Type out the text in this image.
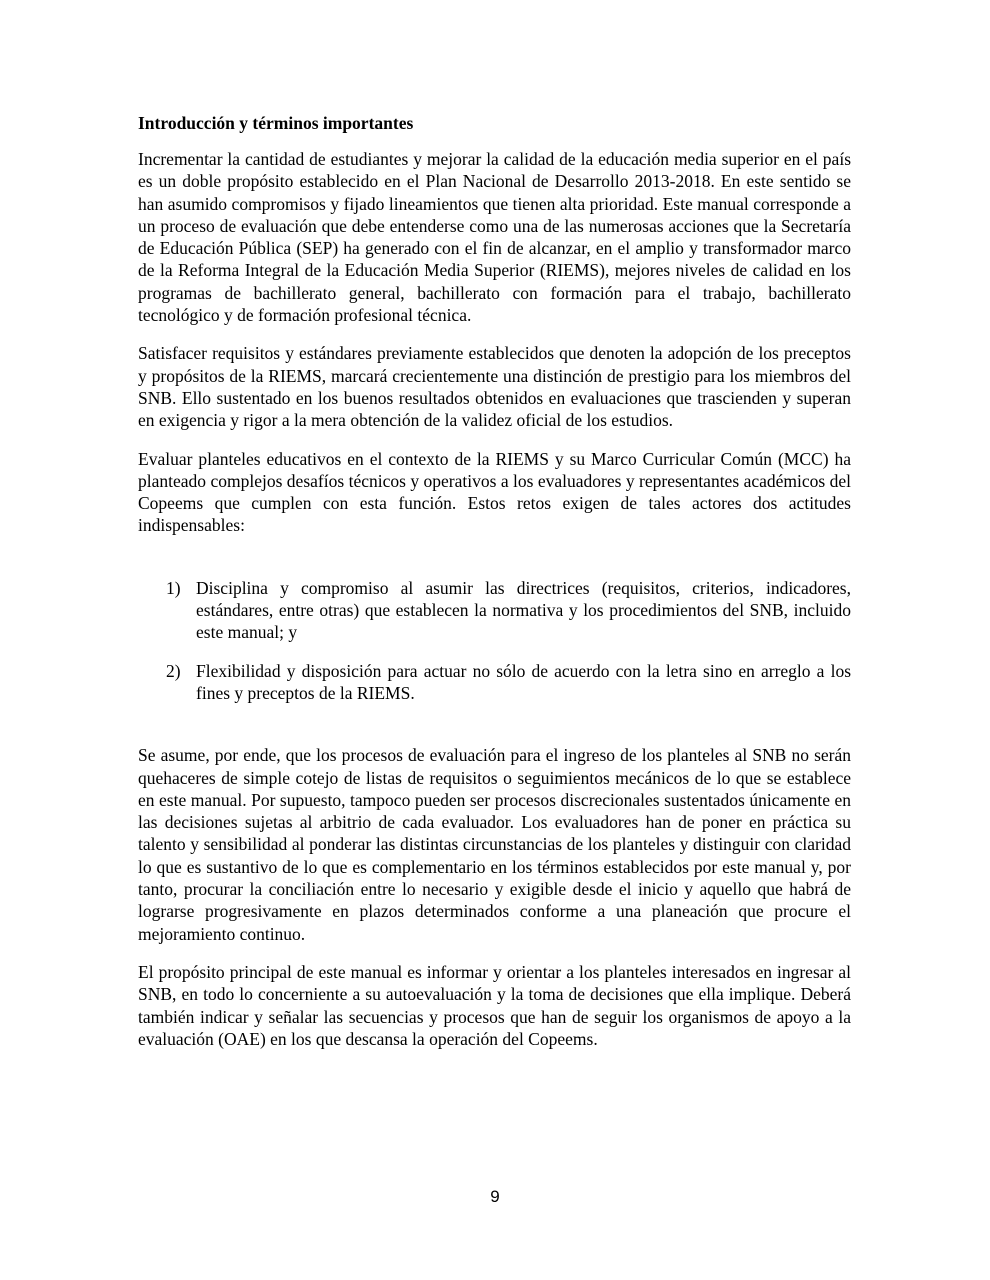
Introducción y términos importantes

Incrementar la cantidad de estudiantes y mejorar la calidad de la educación media superior en el país es un doble propósito establecido en el Plan Nacional de Desarrollo 2013-2018. En este sentido se han asumido compromisos y fijado lineamientos que tienen alta prioridad. Este manual corresponde a un proceso de evaluación que debe entenderse como una de las numerosas acciones que la Secretaría de Educación Pública (SEP) ha generado con el fin de alcanzar, en el amplio y transformador marco de la Reforma Integral de la Educación Media Superior (RIEMS), mejores niveles de calidad en los programas de bachillerato general, bachillerato con formación para el trabajo, bachillerato tecnológico y de formación profesional técnica.

Satisfacer requisitos y estándares previamente establecidos que denoten la adopción de los preceptos y propósitos de la RIEMS, marcará crecientemente una distinción de prestigio para los miembros del SNB. Ello sustentado en los buenos resultados obtenidos en evaluaciones que trascienden y superan en exigencia y rigor a la mera obtención de la validez oficial de los estudios.

Evaluar planteles educativos en el contexto de la RIEMS y su Marco Curricular Común (MCC) ha planteado complejos desafíos técnicos y operativos a los evaluadores y representantes académicos del Copeems que cumplen con esta función. Estos retos exigen de tales actores dos actitudes indispensables:

1) Disciplina y compromiso al asumir las directrices (requisitos, criterios, indicadores, estándares, entre otras) que establecen la normativa y los procedimientos del SNB, incluido este manual; y
2) Flexibilidad y disposición para actuar no sólo de acuerdo con la letra sino en arreglo a los fines y preceptos de la RIEMS.

Se asume, por ende, que los procesos de evaluación para el ingreso de los planteles al SNB no serán quehaceres de simple cotejo de listas de requisitos o seguimientos mecánicos de lo que se establece en este manual. Por supuesto, tampoco pueden ser procesos discrecionales sustentados únicamente en las decisiones sujetas al arbitrio de cada evaluador. Los evaluadores han de poner en práctica su talento y sensibilidad al ponderar las distintas circunstancias de los planteles y distinguir con claridad lo que es sustantivo de lo que es complementario en los términos establecidos por este manual y, por tanto, procurar la conciliación entre lo necesario y exigible desde el inicio y aquello que habrá de lograrse progresivamente en plazos determinados conforme a una planeación que procure el mejoramiento continuo.

El propósito principal de este manual es informar y orientar a los planteles interesados en ingresar al SNB, en todo lo concerniente a su autoevaluación y la toma de decisiones que ella implique. Deberá también indicar y señalar las secuencias y procesos que han de seguir los organismos de apoyo a la evaluación (OAE) en los que descansa la operación del Copeems.

9
